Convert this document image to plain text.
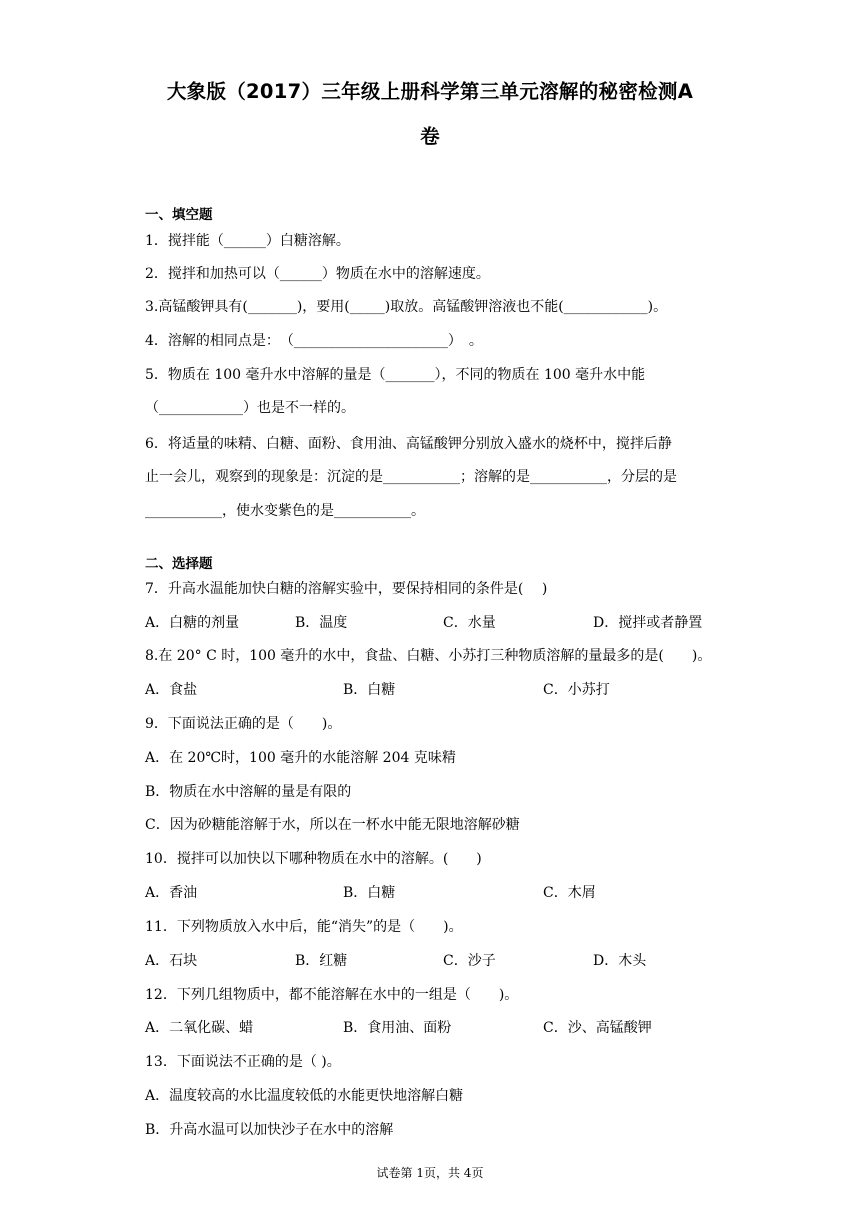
大象版（2017）三年级上册科学第三单元溶解的秘密检测A
卷
一、填空题
1．搅拌能（______）白糖溶解。
2．搅拌和加热可以（______）物质在水中的溶解速度。
3.高锰酸钾具有(_______)，要用(_____)取放。高锰酸钾溶液也不能(____________)。
4．溶解的相同点是：　（______________________）　。
5．物质在 100 毫升水中溶解的量是（_______），不同的物质在 100 毫升水中能
（____________）也是不一样的。
6．将适量的味精、白糖、面粉、食用油、高锰酸钾分别放入盛水的烧杯中，搅拌后静
止一会儿，观察到的现象是：沉淀的是___________；溶解的是___________，分层的是
___________，使水变紫色的是___________。
二、选择题
7．升高水温能加快白糖的溶解实验中，要保持相同的条件是(　 )
A．白糖的剂量	B．温度	C．水量	D．搅拌或者静置
8.在 20° C 时，100 毫升的水中，食盐、白糖、小苏打三种物质溶解的量最多的是(　　)。
A．食盐	B．白糖	C．小苏打
9．下面说法正确的是（　　)。
A．在 20℃时，100 毫升的水能溶解 204 克味精
B．物质在水中溶解的量是有限的
C．因为砂糖能溶解于水，所以在一杯水中能无限地溶解砂糖
10．搅拌可以加快以下哪种物质在水中的溶解。(　　)
A．香油	B．白糖	C．木屑
11．下列物质放入水中后，能“消失”的是（　　)。
A．石块	B．红糖	C．沙子	D．木头
12．下列几组物质中，都不能溶解在水中的一组是（　　)。
A．二氧化碳、蜡	B．食用油、面粉	C．沙、高锰酸钾
13．下面说法不正确的是（ )。
A．温度较高的水比温度较低的水能更快地溶解白糖
B．升高水温可以加快沙子在水中的溶解
试卷第 1页，共 4页
